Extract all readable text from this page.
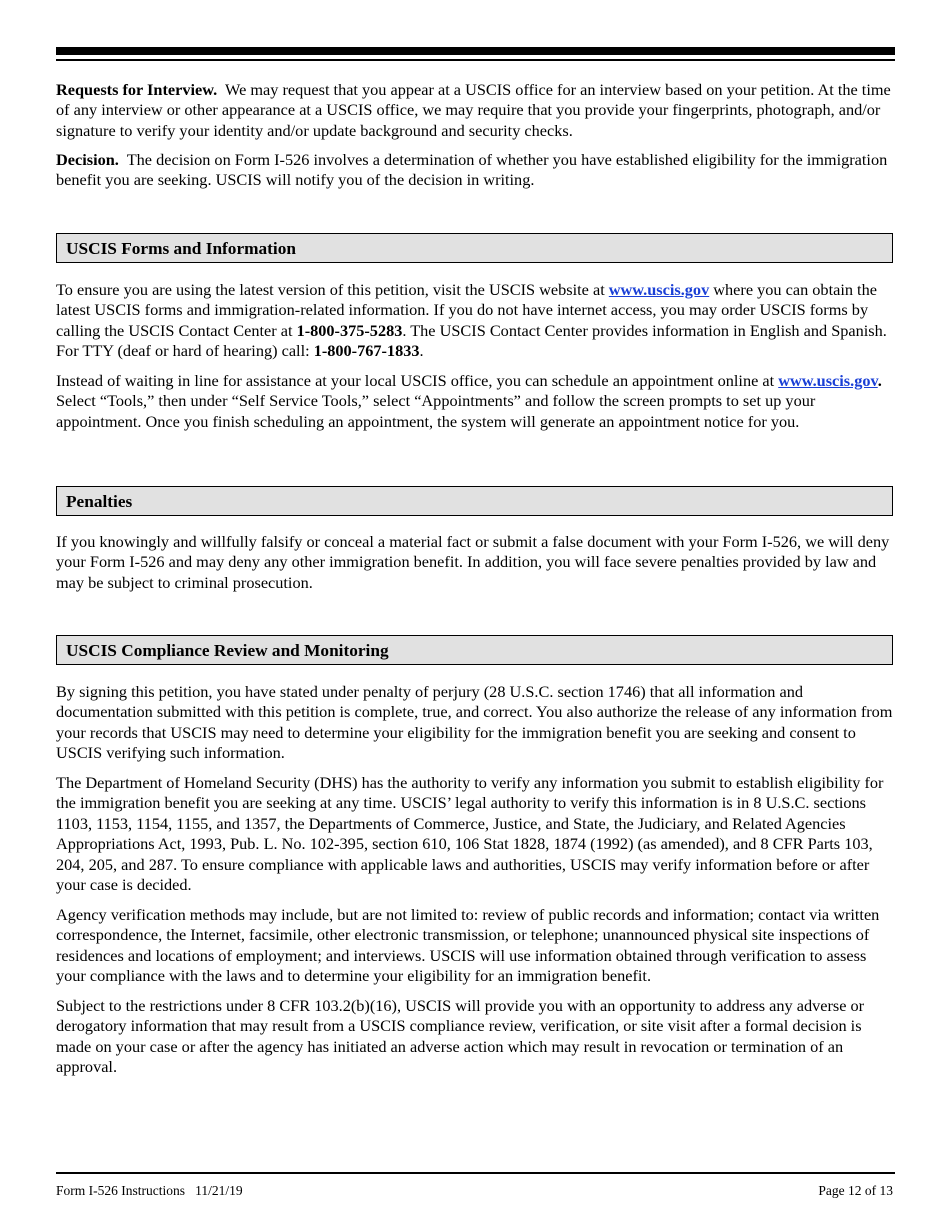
Requests for Interview. We may request that you appear at a USCIS office for an interview based on your petition. At the time of any interview or other appearance at a USCIS office, we may require that you provide your fingerprints, photograph, and/or signature to verify your identity and/or update background and security checks.

Decision. The decision on Form I-526 involves a determination of whether you have established eligibility for the immigration benefit you are seeking. USCIS will notify you of the decision in writing.

USCIS Forms and Information

To ensure you are using the latest version of this petition, visit the USCIS website at www.uscis.gov where you can obtain the latest USCIS forms and immigration-related information. If you do not have internet access, you may order USCIS forms by calling the USCIS Contact Center at 1-800-375-5283. The USCIS Contact Center provides information in English and Spanish. For TTY (deaf or hard of hearing) call: 1-800-767-1833.

Instead of waiting in line for assistance at your local USCIS office, you can schedule an appointment online at www.uscis.gov. Select “Tools,” then under “Self Service Tools,” select “Appointments” and follow the screen prompts to set up your appointment. Once you finish scheduling an appointment, the system will generate an appointment notice for you.

Penalties

If you knowingly and willfully falsify or conceal a material fact or submit a false document with your Form I-526, we will deny your Form I-526 and may deny any other immigration benefit. In addition, you will face severe penalties provided by law and may be subject to criminal prosecution.

USCIS Compliance Review and Monitoring

By signing this petition, you have stated under penalty of perjury (28 U.S.C. section 1746) that all information and documentation submitted with this petition is complete, true, and correct. You also authorize the release of any information from your records that USCIS may need to determine your eligibility for the immigration benefit you are seeking and consent to USCIS verifying such information.

The Department of Homeland Security (DHS) has the authority to verify any information you submit to establish eligibility for the immigration benefit you are seeking at any time. USCIS’ legal authority to verify this information is in 8 U.S.C. sections 1103, 1153, 1154, 1155, and 1357, the Departments of Commerce, Justice, and State, the Judiciary, and Related Agencies Appropriations Act, 1993, Pub. L. No. 102-395, section 610, 106 Stat 1828, 1874 (1992) (as amended), and 8 CFR Parts 103, 204, 205, and 287. To ensure compliance with applicable laws and authorities, USCIS may verify information before or after your case is decided.

Agency verification methods may include, but are not limited to: review of public records and information; contact via written correspondence, the Internet, facsimile, other electronic transmission, or telephone; unannounced physical site inspections of residences and locations of employment; and interviews. USCIS will use information obtained through verification to assess your compliance with the laws and to determine your eligibility for an immigration benefit.

Subject to the restrictions under 8 CFR 103.2(b)(16), USCIS will provide you with an opportunity to address any adverse or derogatory information that may result from a USCIS compliance review, verification, or site visit after a formal decision is made on your case or after the agency has initiated an adverse action which may result in revocation or termination of an approval.

Form I-526 Instructions   11/21/19	Page 12 of 13
